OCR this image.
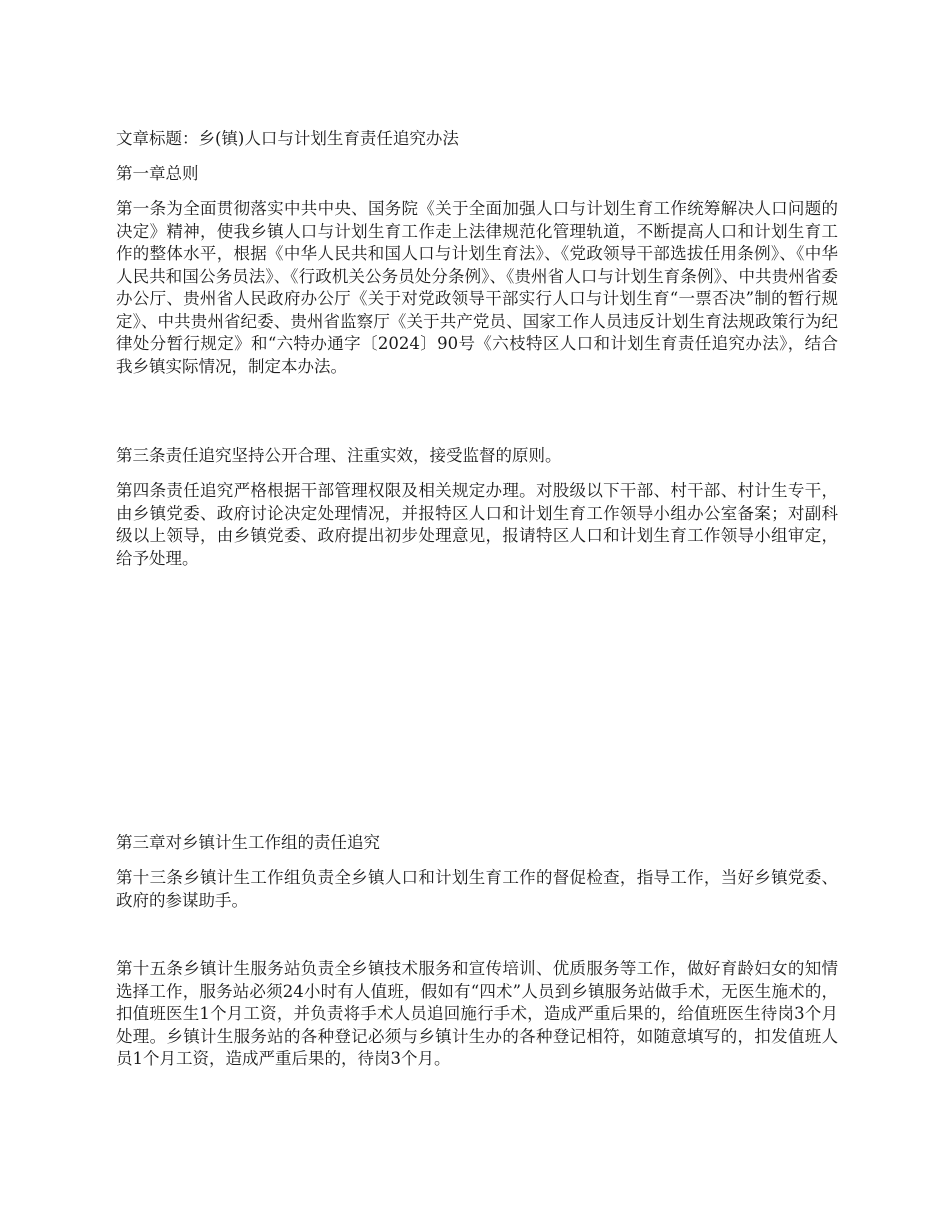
文章标题：乡(镇)人口与计划生育责任追究办法

第一章总则

第一条为全面贯彻落实中共中央、国务院《关于全面加强人口与计划生育工作统筹解决人口问题的决定》精神，使我乡镇人口与计划生育工作走上法律规范化管理轨道，不断提高人口和计划生育工作的整体水平，根据《中华人民共和国人口与计划生育法》、《党政领导干部选拔任用条例》、《中华人民共和国公务员法》、《行政机关公务员处分条例》、《贵州省人口与计划生育条例》、中共贵州省委办公厅、贵州省人民政府办公厅《关于对党政领导干部实行人口与计划生育“一票否决”制的暂行规定》、中共贵州省纪委、贵州省监察厅《关于共产党员、国家工作人员违反计划生育法规政策行为纪律处分暂行规定》和“六特办通字〔2024〕90号《六枝特区人口和计划生育责任追究办法》，结合我乡镇实际情况，制定本办法。

第三条责任追究坚持公开合理、注重实效，接受监督的原则。

第四条责任追究严格根据干部管理权限及相关规定办理。对股级以下干部、村干部、村计生专干，由乡镇党委、政府讨论决定处理情况，并报特区人口和计划生育工作领导小组办公室备案；对副科级以上领导，由乡镇党委、政府提出初步处理意见，报请特区人口和计划生育工作领导小组审定，给予处理。

第三章对乡镇计生工作组的责任追究

第十三条乡镇计生工作组负责全乡镇人口和计划生育工作的督促检查，指导工作，当好乡镇党委、政府的参谋助手。

第十五条乡镇计生服务站负责全乡镇技术服务和宣传培训、优质服务等工作，做好育龄妇女的知情选择工作，服务站必须24小时有人值班，假如有“四术”人员到乡镇服务站做手术，无医生施术的，扣值班医生1个月工资，并负责将手术人员追回施行手术，造成严重后果的，给值班医生待岗3个月处理。乡镇计生服务站的各种登记必须与乡镇计生办的各种登记相符，如随意填写的，扣发值班人员1个月工资，造成严重后果的，待岗3个月。
